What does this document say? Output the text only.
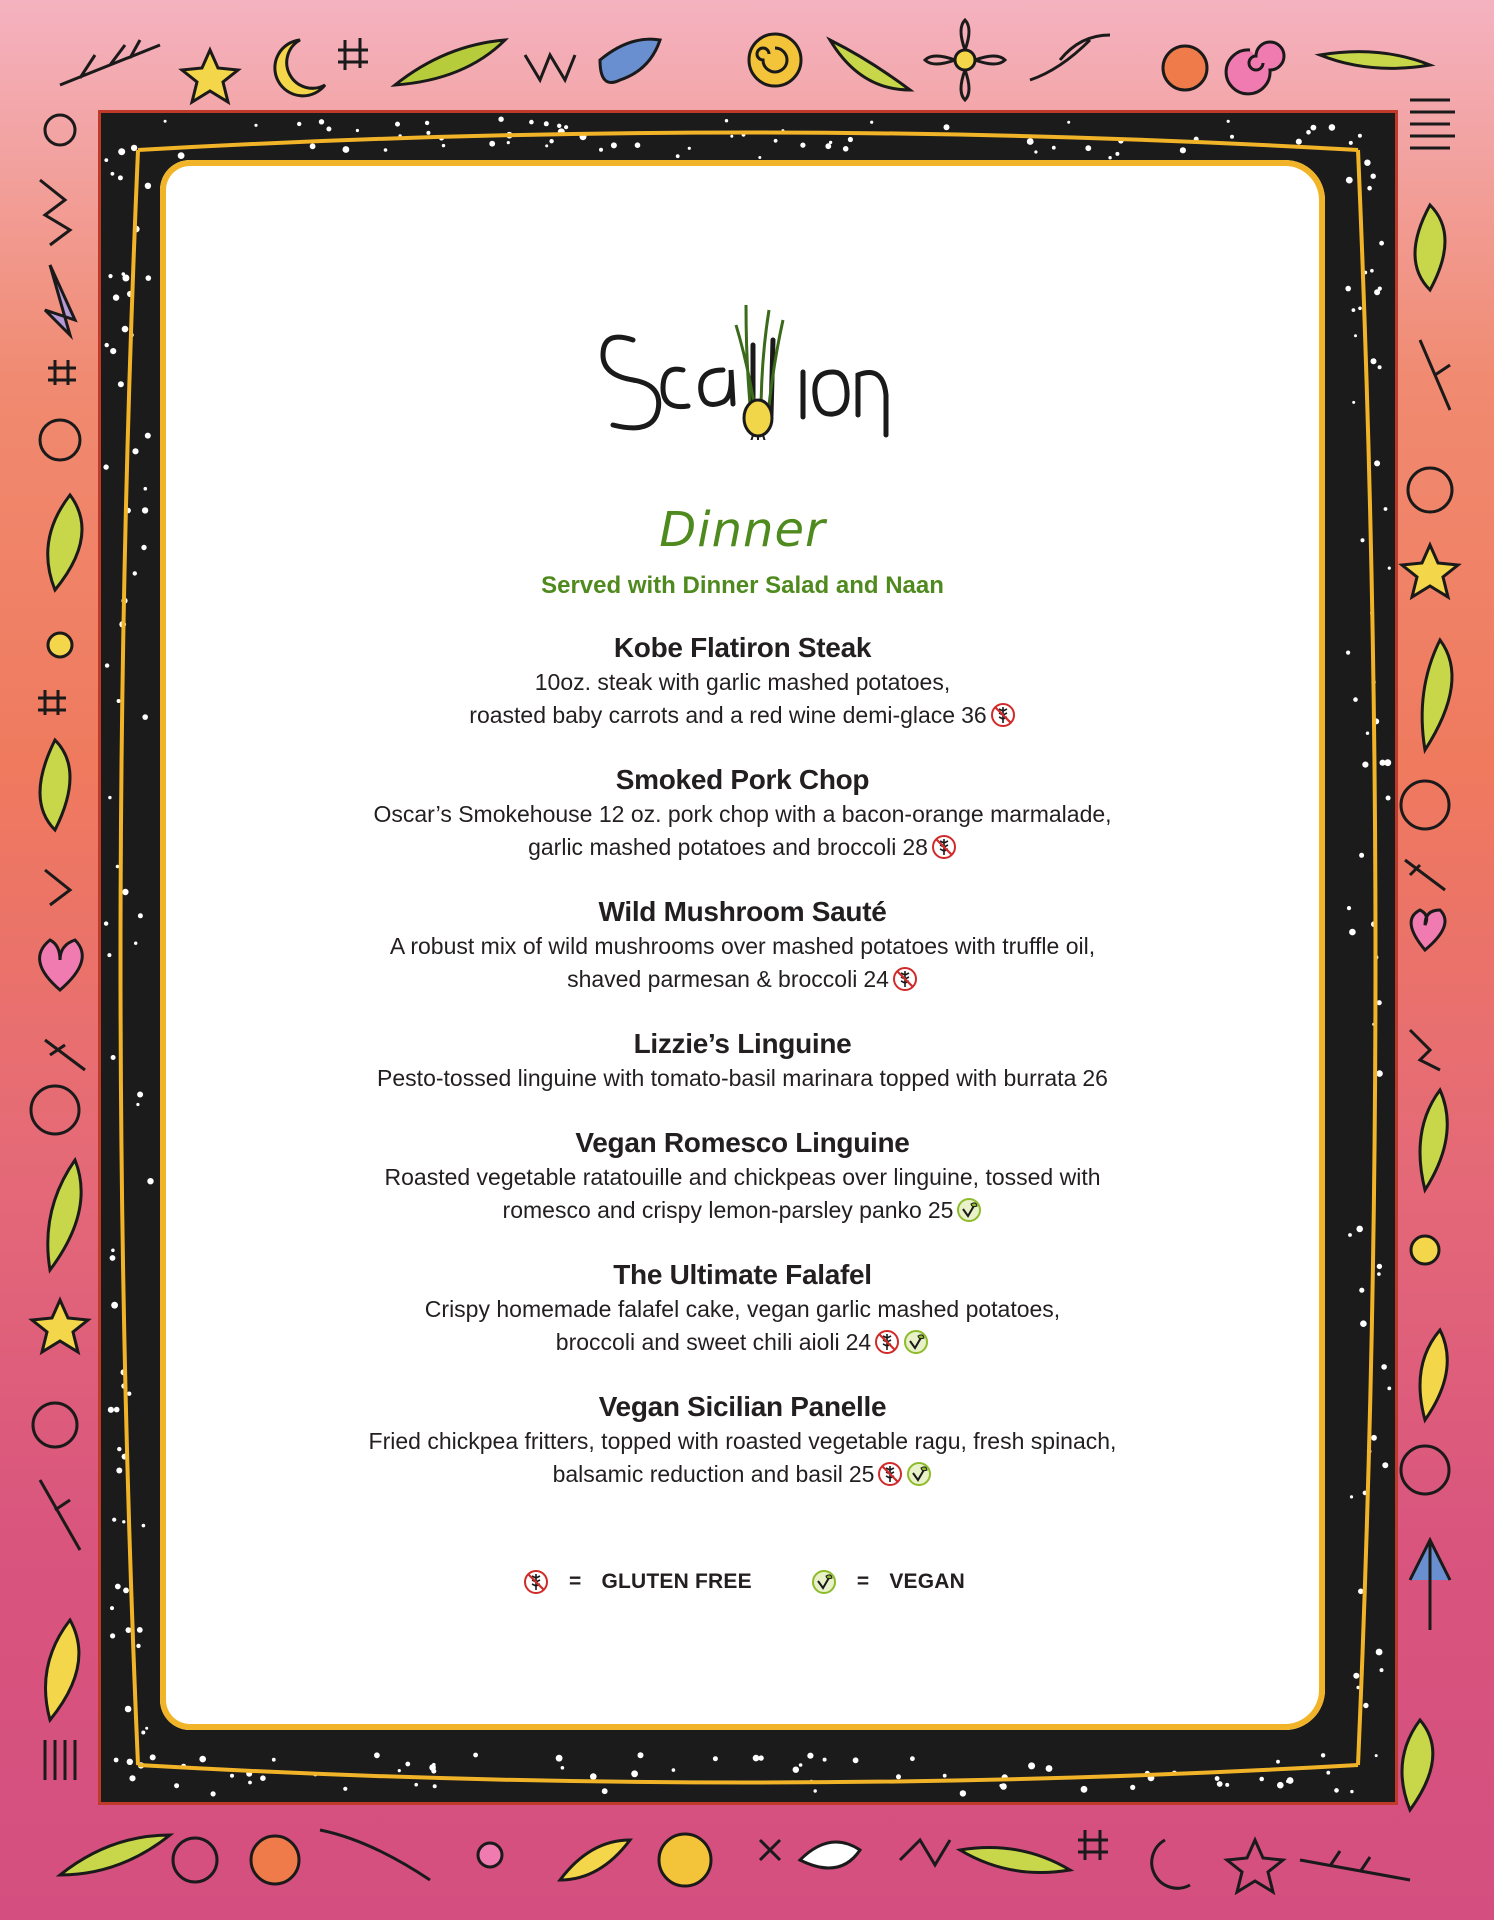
Scallions
Dinner
Served with Dinner Salad and Naan
Kobe Flatiron Steak
10oz. steak with garlic mashed potatoes,
roasted baby carrots and a red wine demi-glace 36
Smoked Pork Chop
Oscar’s Smokehouse 12 oz. pork chop with a bacon-orange marmalade,
garlic mashed potatoes and broccoli 28
Wild Mushroom Sauté
A robust mix of wild mushrooms over mashed potatoes with truffle oil,
shaved parmesan & broccoli 24
Lizzie’s Linguine
Pesto-tossed linguine with tomato-basil marinara topped with burrata 26
Vegan Romesco Linguine
Roasted vegetable ratatouille and chickpeas over linguine, tossed with
romesco and crispy lemon-parsley panko 25
The Ultimate Falafel
Crispy homemade falafel cake, vegan garlic mashed potatoes,
broccoli and sweet chili aioli 24
Vegan Sicilian Panelle
Fried chickpea fritters, topped with roasted vegetable ragu, fresh spinach,
balsamic reduction and basil 25
= GLUTEN FREE	= VEGAN
